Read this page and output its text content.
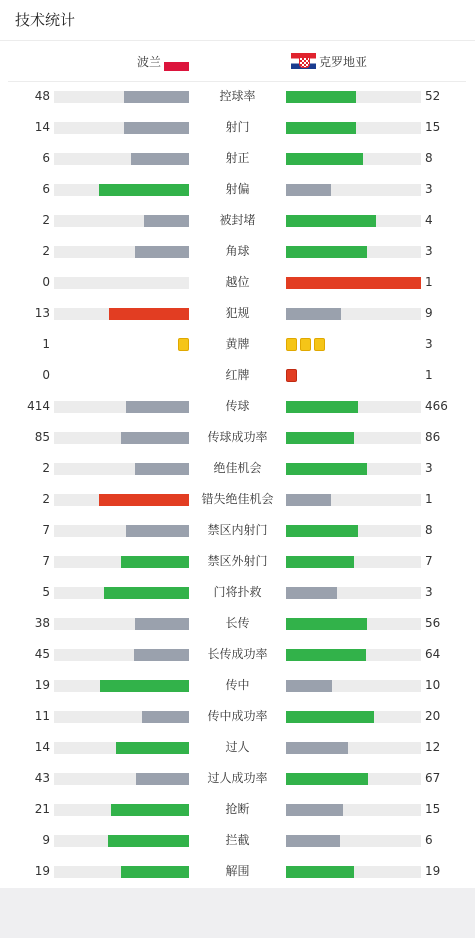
技术统计
波兰	克罗地亚
48	控球率	52
14	射门	15
6	射正	8
6	射偏	3
2	被封堵	4
2	角球	3
0	越位	1
13	犯规	9
1	黄牌	3
0	红牌	1
414	传球	466
85	传球成功率	86
2	绝佳机会	3
2	错失绝佳机会	1
7	禁区内射门	8
7	禁区外射门	7
5	门将扑救	3
38	长传	56
45	长传成功率	64
19	传中	10
11	传中成功率	20
14	过人	12
43	过人成功率	67
21	抢断	15
9	拦截	6
19	解围	19
